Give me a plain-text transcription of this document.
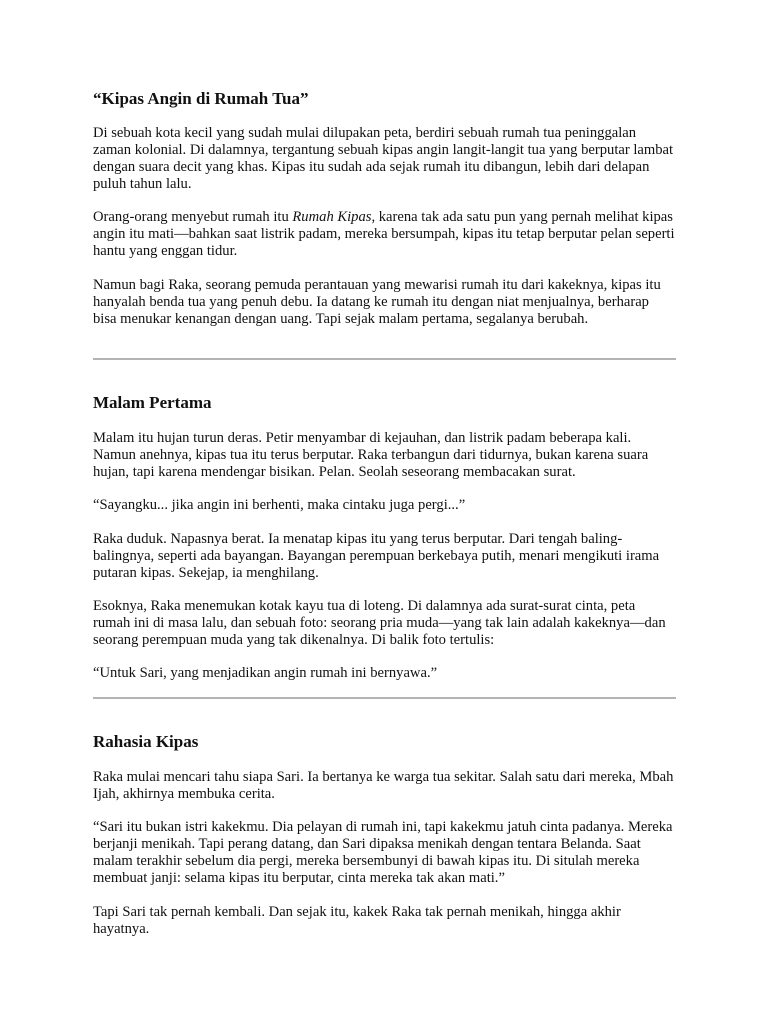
“Kipas Angin di Rumah Tua”

Di sebuah kota kecil yang sudah mulai dilupakan peta, berdiri sebuah rumah tua peninggalan zaman kolonial. Di dalamnya, tergantung sebuah kipas angin langit-langit tua yang berputar lambat dengan suara decit yang khas. Kipas itu sudah ada sejak rumah itu dibangun, lebih dari delapan puluh tahun lalu.

Orang-orang menyebut rumah itu Rumah Kipas, karena tak ada satu pun yang pernah melihat kipas angin itu mati—bahkan saat listrik padam, mereka bersumpah, kipas itu tetap berputar pelan seperti hantu yang enggan tidur.

Namun bagi Raka, seorang pemuda perantauan yang mewarisi rumah itu dari kakeknya, kipas itu hanyalah benda tua yang penuh debu. Ia datang ke rumah itu dengan niat menjualnya, berharap bisa menukar kenangan dengan uang. Tapi sejak malam pertama, segalanya berubah.

Malam Pertama

Malam itu hujan turun deras. Petir menyambar di kejauhan, dan listrik padam beberapa kali. Namun anehnya, kipas tua itu terus berputar. Raka terbangun dari tidurnya, bukan karena suara hujan, tapi karena mendengar bisikan. Pelan. Seolah seseorang membacakan surat.

“Sayangku... jika angin ini berhenti, maka cintaku juga pergi...”

Raka duduk. Napasnya berat. Ia menatap kipas itu yang terus berputar. Dari tengah baling-balingnya, seperti ada bayangan. Bayangan perempuan berkebaya putih, menari mengikuti irama putaran kipas. Sekejap, ia menghilang.

Esoknya, Raka menemukan kotak kayu tua di loteng. Di dalamnya ada surat-surat cinta, peta rumah ini di masa lalu, dan sebuah foto: seorang pria muda—yang tak lain adalah kakeknya—dan seorang perempuan muda yang tak dikenalnya. Di balik foto tertulis:

“Untuk Sari, yang menjadikan angin rumah ini bernyawa.”

Rahasia Kipas

Raka mulai mencari tahu siapa Sari. Ia bertanya ke warga tua sekitar. Salah satu dari mereka, Mbah Ijah, akhirnya membuka cerita.

“Sari itu bukan istri kakekmu. Dia pelayan di rumah ini, tapi kakekmu jatuh cinta padanya. Mereka berjanji menikah. Tapi perang datang, dan Sari dipaksa menikah dengan tentara Belanda. Saat malam terakhir sebelum dia pergi, mereka bersembunyi di bawah kipas itu. Di situlah mereka membuat janji: selama kipas itu berputar, cinta mereka tak akan mati.”

Tapi Sari tak pernah kembali. Dan sejak itu, kakek Raka tak pernah menikah, hingga akhir hayatnya.
